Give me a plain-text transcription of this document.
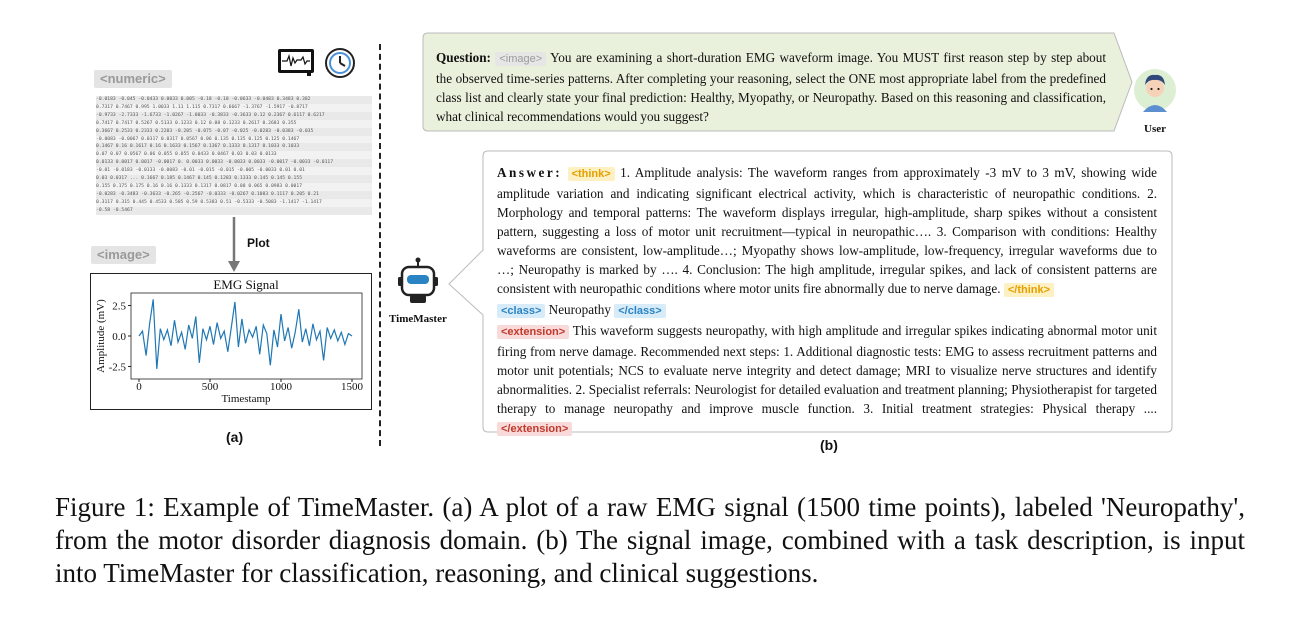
<numeric>
-0.0183 -0.045 -0.0433 0.0033 0.005 -0.18 -0.18 -0.0633 -0.0483 0.3483 0.382
0.7317 0.7467 0.995 1.0033 1.11 1.115 0.7317 0.6667 -1.3767 -1.5917 -0.8717
-0.9733 -2.7333 -1.6733 -1.0267 -1.0033 -0.3833 -0.3633 0.12 0.2367 0.6117 0.6217
0.7417 0.7417 0.5267 0.5133 0.1233 0.12 0.08 0.1233 0.2617 0.2683 0.355
0.3667 0.2533 0.2333 0.2283 -0.205 -0.075 -0.07 -0.025 -0.0283 -0.0383 -0.035
-0.0083 -0.0067 0.0317 0.0317 0.0567 0.06 0.135 0.135 0.125 0.125 0.1467
0.1467 0.16 0.1617 0.16 0.1633 0.1567 0.1367 0.1333 0.1317 0.1033 0.1033
0.07 0.07 0.0567 0.06 0.055 0.055 0.0433 0.0467 0.03 0.03 0.0133
0.0133 0.0017 0.0017 -0.0017 0. 0.0033 0.0033 -0.0033 0.0033 -0.0017 -0.0033 -0.0117
-0.01 -0.0183 -0.0133 -0.0083 -0.01 -0.015 -0.015 -0.005 -0.0033 0.01 0.01
0.03 0.0317 ... 0.1667 0.185 0.1467 0.145 0.1283 0.1333 0.145 0.145 0.155
0.155 0.175 0.175 0.16 0.16 0.1333 0.1317 0.0817 0.08 0.065 0.0983 0.0017
-0.0283 -0.3483 -0.3633 -0.265 -0.2567 -0.0333 -0.0267 0.1083 0.1117 0.205 0.21
0.3117 0.315 0.445 0.4533 0.585 0.59 0.5383 0.51 -0.5333 -0.5083 -1.1417 -1.1417
-0.58 -0.5467
Plot
<image>
EMG Signal
0	500	1000	1500
2.5
0.0
-2.5
Timestamp
Amplitude (mV)
(a)
Question: <image> You are examining a short-duration EMG waveform image. You MUST first reason step by step about the observed time-series patterns. After completing your reasoning, select the ONE most appropriate label from the predefined class list and clearly state your final prediction: Healthy, Myopathy, or Neuropathy. Based on this reasoning and classification, what clinical recommendations would you suggest?
User
Answer: <think> 1. Amplitude analysis: The waveform ranges from approximately -3 mV to 3 mV, showing wide amplitude variation and indicating significant electrical activity, which is characteristic of neuropathic conditions. 2. Morphology and temporal patterns: The waveform displays irregular, high-amplitude, sharp spikes without a consistent pattern, suggesting a loss of motor unit recruitment—typical in neuropathic…. 3. Comparison with conditions: Healthy waveforms are consistent, low-amplitude…; Myopathy shows low-amplitude, low-frequency, irregular waveforms due to …; Neuropathy is marked by …. 4. Conclusion: The high amplitude, irregular spikes, and lack of consistent patterns are consistent with neuropathic conditions where motor units fire abnormally due to nerve damage. </think>
<class> Neuropathy </class>
<extension> This waveform suggests neuropathy, with high amplitude and irregular spikes indicating abnormal motor unit firing from nerve damage. Recommended next steps: 1. Additional diagnostic tests: EMG to assess recruitment patterns and motor unit potentials; NCS to evaluate nerve integrity and detect damage; MRI to visualize nerve structures and identify abnormalities. 2. Specialist referrals: Neurologist for detailed evaluation and treatment planning; Physiotherapist for targeted therapy to manage neuropathy and improve muscle function. 3. Initial treatment strategies: Physical therapy ....</extension>
TimeMaster
(b)
Figure 1: Example of TimeMaster. (a) A plot of a raw EMG signal (1500 time points), labeled 'Neuropathy', from the motor disorder diagnosis domain. (b) The signal image, combined with a task description, is input into TimeMaster for classification, reasoning, and clinical suggestions.
